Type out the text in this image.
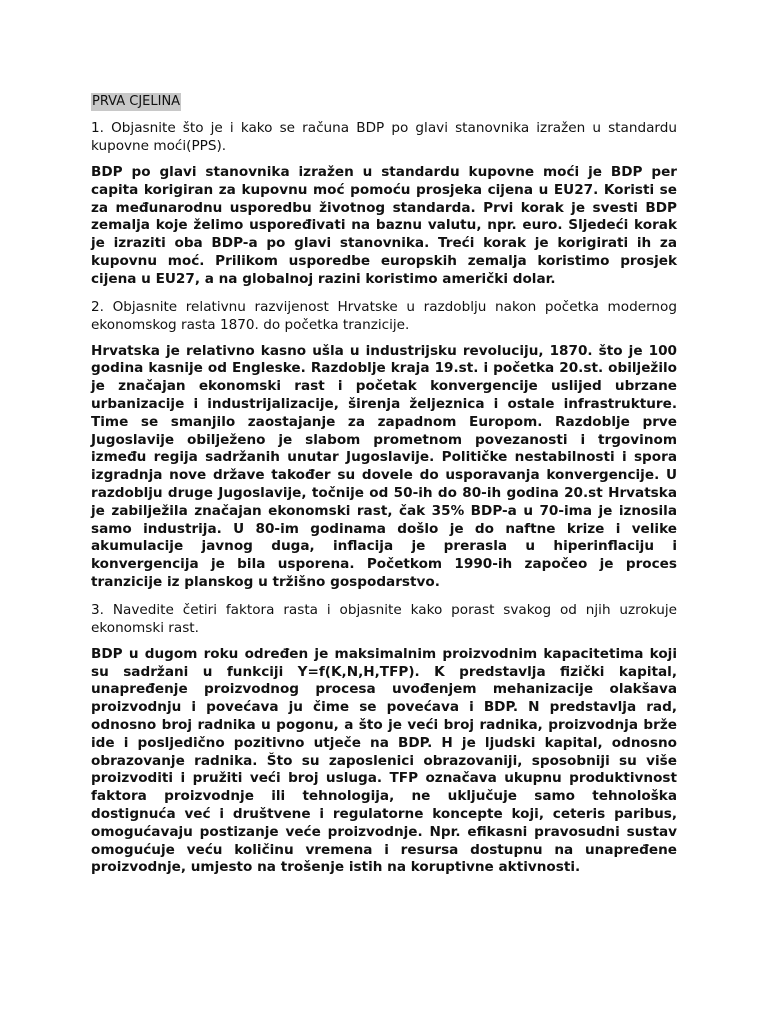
PRVA CJELINA

1. Objasnite što je i kako se računa BDP po glavi stanovnika izražen u standardu kupovne moći(PPS).

BDP po glavi stanovnika izražen u standardu kupovne moći je BDP per capita korigiran za kupovnu moć pomoću prosjeka cijena u EU27. Koristi se za međunarodnu usporedbu životnog standarda. Prvi korak je svesti BDP zemalja koje želimo uspoređivati na baznu valutu, npr. euro. Sljedeći korak je izraziti oba BDP-a po glavi stanovnika. Treći korak je korigirati ih za kupovnu moć. Prilikom usporedbe europskih zemalja koristimo prosjek cijena u EU27, a na globalnoj razini koristimo američki dolar.

2. Objasnite relativnu razvijenost Hrvatske u razdoblju nakon početka modernog ekonomskog rasta 1870. do početka tranzicije.

Hrvatska je relativno kasno ušla u industrijsku revoluciju, 1870. što je 100 godina kasnije od Engleske. Razdoblje kraja 19.st. i početka 20.st. obilježilo je značajan ekonomski rast i početak konvergencije uslijed ubrzane urbanizacije i industrijalizacije, širenja željeznica i ostale infrastrukture. Time se smanjilo zaostajanje za zapadnom Europom. Razdoblje prve Jugoslavije obilježeno je slabom prometnom povezanosti i trgovinom između regija sadržanih unutar Jugoslavije. Političke nestabilnosti i spora izgradnja nove države također su dovele do usporavanja konvergencije. U razdoblju druge Jugoslavije, točnije od 50-ih do 80-ih godina 20.st Hrvatska je zabilježila značajan ekonomski rast, čak 35% BDP-a u 70-ima je iznosila samo industrija. U 80-im godinama došlo je do naftne krize i velike akumulacije javnog duga, inflacija je prerasla u hiperinflaciju i konvergencija je bila usporena. Početkom 1990-ih započeo je proces tranzicije iz planskog u tržišno gospodarstvo.

3. Navedite četiri faktora rasta i objasnite kako porast svakog od njih uzrokuje ekonomski rast.

BDP u dugom roku određen je maksimalnim proizvodnim kapacitetima koji su sadržani u funkciji Y=f(K,N,H,TFP). K predstavlja fizički kapital, unapređenje proizvodnog procesa uvođenjem mehanizacije olakšava proizvodnju i povećava ju čime se povećava i BDP. N predstavlja rad, odnosno broj radnika u pogonu, a što je veći broj radnika, proizvodnja brže ide i posljedično pozitivno utječe na BDP. H je ljudski kapital, odnosno obrazovanje radnika. Što su zaposlenici obrazovaniji, sposobniji su više proizvoditi i pružiti veći broj usluga. TFP označava ukupnu produktivnost faktora proizvodnje ili tehnologija, ne uključuje samo tehnološka dostignuća već i društvene i regulatorne koncepte koji, ceteris paribus, omogućavaju postizanje veće proizvodnje. Npr. efikasni pravosudni sustav omogućuje veću količinu vremena i resursa dostupnu na unapređene proizvodnje, umjesto na trošenje istih na koruptivne aktivnosti.
